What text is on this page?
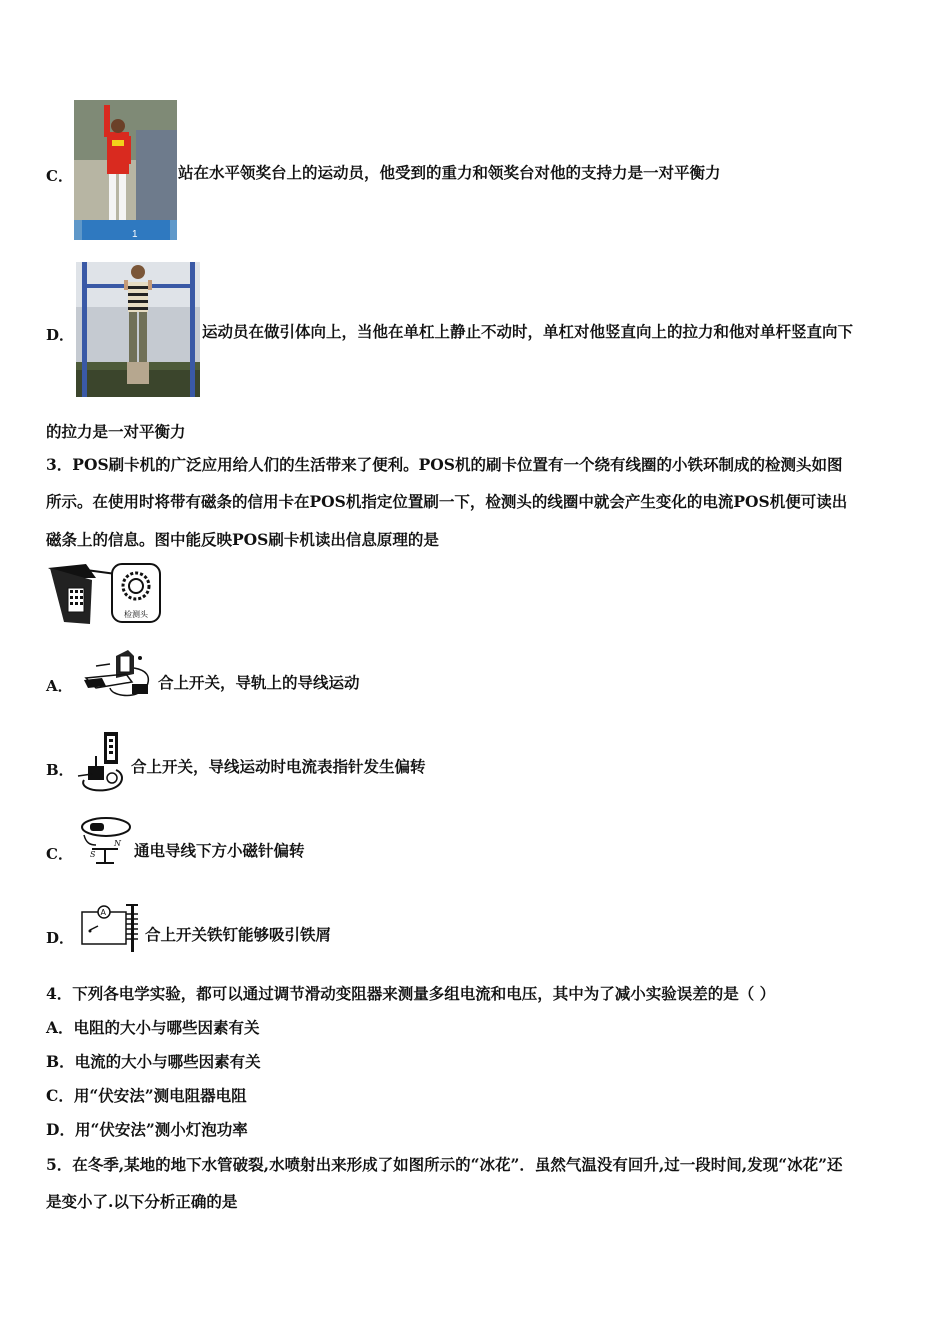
C．
1
站在水平领奖台上的运动员，他受到的重力和领奖台对他的支持力是一对平衡力
D．	运动员在做引体向上，当他在单杠上静止不动时，单杠对他竖直向上的拉力和他对单杆竖直向下
的拉力是一对平衡力
3．POS刷卡机的广泛应用给人们的生活带来了便利。POS机的刷卡位置有一个绕有线圈的小铁环制成的检测头如图
所示。在使用时将带有磁条的信用卡在POS机指定位置刷一下，检测头的线圈中就会产生变化的电流POS机便可读出
磁条上的信息。图中能反映POS刷卡机读出信息原理的是
检测头
A．	合上开关，导轨上的导线运动
B．	合上开关，导线运动时电流表指针发生偏转
C． S
N 通电导线下方小磁针偏转
D．
A
合上开关铁钉能够吸引铁屑
4．下列各电学实验，都可以通过调节滑动变阻器来测量多组电流和电压，其中为了减小实验误差的是（ ）
A．电阻的大小与哪些因素有关
B．电流的大小与哪些因素有关
C．用“伏安法”测电阻器电阻
D．用“伏安法”测小灯泡功率
5．在冬季,某地的地下水管破裂,水喷射出来形成了如图所示的“冰花”．虽然气温没有回升,过一段时间,发现“冰花”还
是变小了.以下分析正确的是
